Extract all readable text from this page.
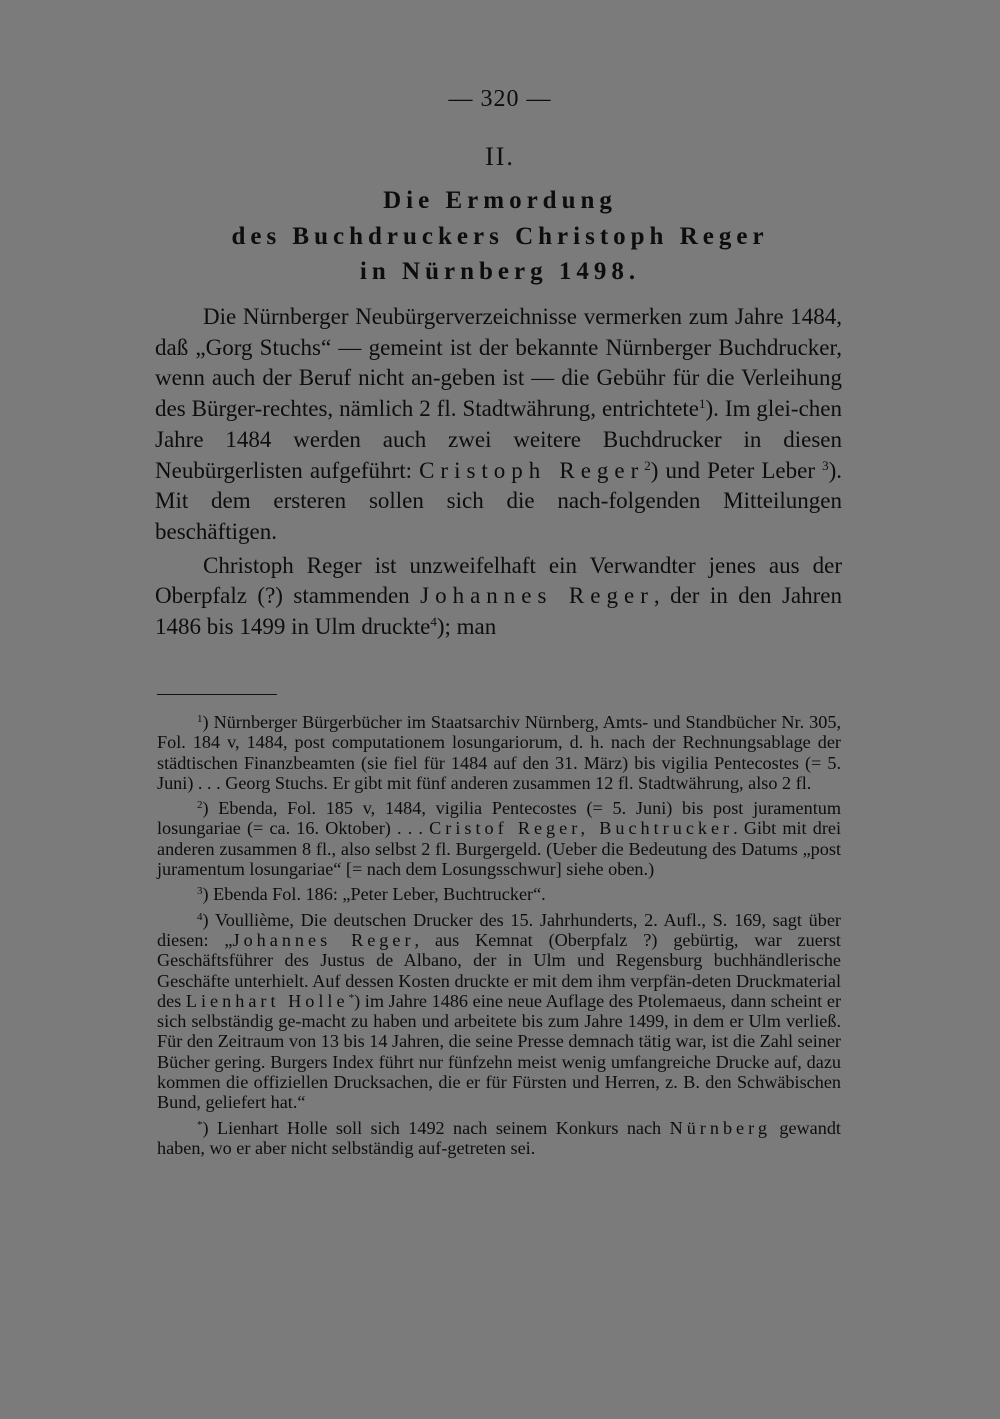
— 320 —
II.
Die Ermordung
des Buchdruckers Christoph Reger
in Nürnberg 1498.

Die Nürnberger Neubürgerverzeichnisse vermerken zum Jahre 1484, daß „Gorg Stuchs“ — gemeint ist der bekannte Nürnberger Buchdrucker, wenn auch der Beruf nicht an-geben ist — die Gebühr für die Verleihung des Bürger-rechtes, nämlich 2 fl. Stadtwährung, entrichtete$^1$). Im glei-chen Jahre 1484 werden auch zwei weitere Buchdrucker in diesen Neubürgerlisten aufgeführt: Cristoph Reger$^2$) und Peter Leber $^3$). Mit dem ersteren sollen sich die nach-folgenden Mitteilungen beschäftigen.

Christoph Reger ist unzweifelhaft ein Verwandter jenes aus der Oberpfalz (?) stammenden Johannes Reger, der in den Jahren 1486 bis 1499 in Ulm druckte$^4$); man

$^1$) Nürnberger Bürgerbücher im Staatsarchiv Nürnberg, Amts- und Standbücher Nr. 305, Fol. 184 v, 1484, post computationem losungariorum, d. h. nach der Rechnungsablage der städtischen Finanzbeamten (sie fiel für 1484 auf den 31. März) bis vigilia Pentecostes (= 5. Juni) . . . Georg Stuchs. Er gibt mit fünf anderen zusammen 12 fl. Stadtwährung, also 2 fl.

$^2$) Ebenda, Fol. 185 v, 1484, vigilia Pentecostes (= 5. Juni) bis post juramentum losungariae (= ca. 16. Oktober) . . . Cristof Reger, Buchtrucker. Gibt mit drei anderen zusammen 8 fl., also selbst 2 fl. Burgergeld. (Ueber die Bedeutung des Datums „post juramentum losungariae“ [= nach dem Losungsschwur] siehe oben.)

$^3$) Ebenda Fol. 186: „Peter Leber, Buchtrucker“.

$^4$) Voullième, Die deutschen Drucker des 15. Jahrhunderts, 2. Aufl., S. 169, sagt über diesen: „Johannes Reger, aus Kemnat (Oberpfalz ?) gebürtig, war zuerst Geschäftsführer des Justus de Albano, der in Ulm und Regensburg buchhändlerische Geschäfte unterhielt. Auf dessen Kosten druckte er mit dem ihm verpfän-deten Druckmaterial des Lienhart Holle*) im Jahre 1486 eine neue Auflage des Ptolemaeus, dann scheint er sich selbständig ge-macht zu haben und arbeitete bis zum Jahre 1499, in dem er Ulm verließ. Für den Zeitraum von 13 bis 14 Jahren, die seine Presse demnach tätig war, ist die Zahl seiner Bücher gering. Burgers Index führt nur fünfzehn meist wenig umfangreiche Drucke auf, dazu kommen die offiziellen Drucksachen, die er für Fürsten und Herren, z. B. den Schwäbischen Bund, geliefert hat.“

*) Lienhart Holle soll sich 1492 nach seinem Konkurs nach Nürnberg gewandt haben, wo er aber nicht selbständig auf-getreten sei.
